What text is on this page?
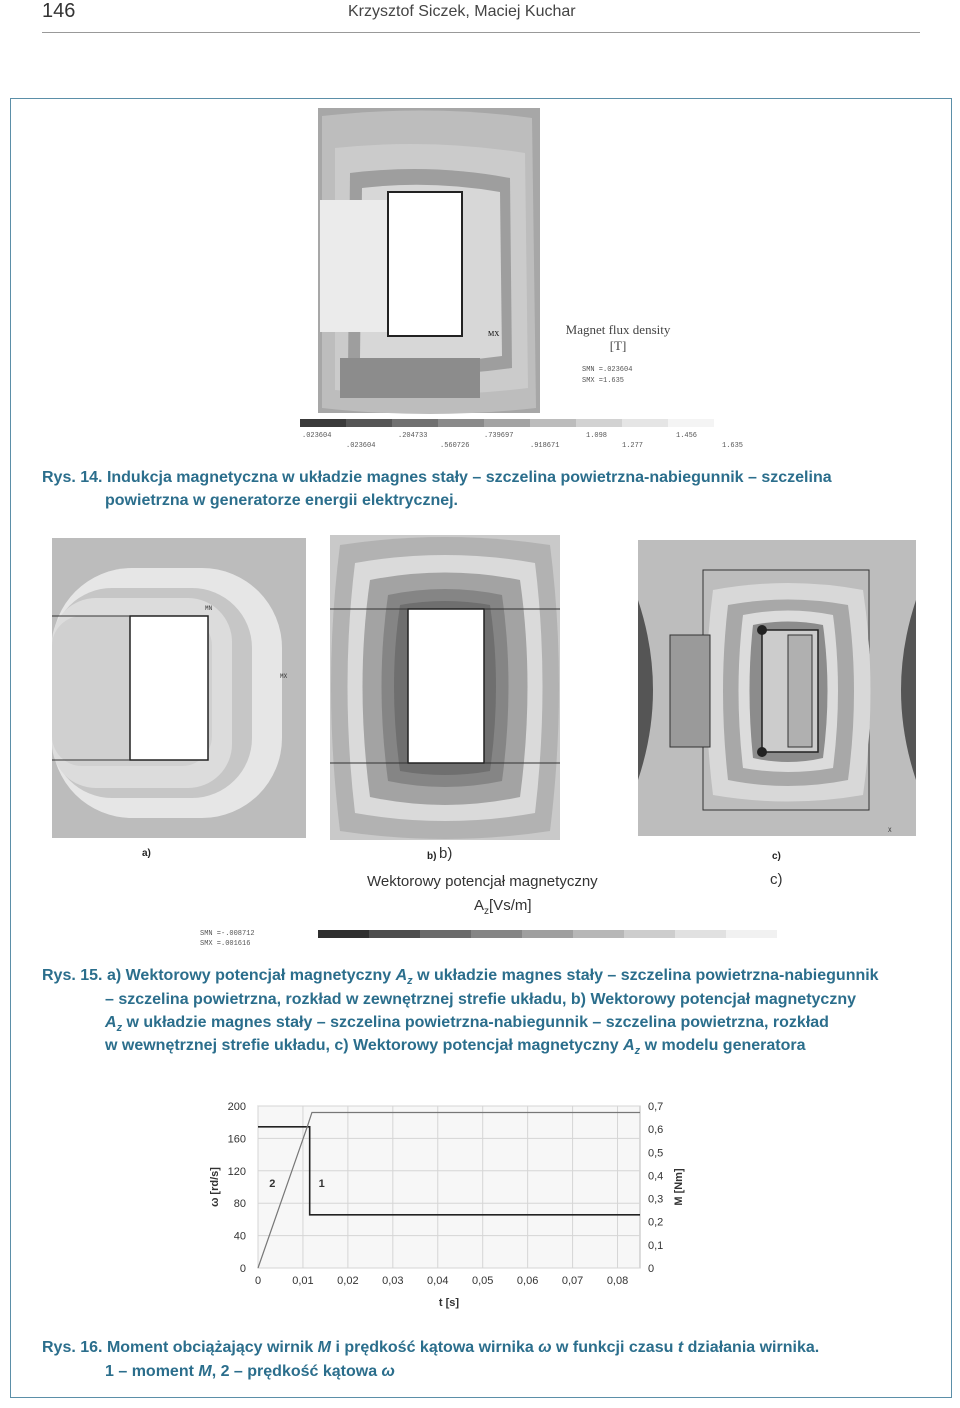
146	Krzysztof Siczek, Maciej Kuchar
MX	Magnet flux density
[T]
SMN =.023604
SMX =1.635
.023604	.204733	.739697	1.098	1.456
.023604	.560726	.918671	1.277	1.635
Rys. 14. Indukcja magnetyczna w układzie magnes stały – szczelina powietrzna-nabiegunnik – szczelina
powietrzna w generatorze energii elektrycznej.
MN
MX
X
a)	b) b)	c)
c)
Wektorowy potencjał magnetyczny
$A_z[Vs/m]$
SMN =-.008712
SMX =.001616
Rys. 15. a) Wektorowy potencjał magnetyczny $A_z$ w układzie magnes stały – szczelina powietrzna-nabiegunnik
– szczelina powietrzna, rozkład w zewnętrznej strefie układu, b) Wektorowy potencjał magnetyczny
$A_z$ w układzie magnes stały – szczelina powietrzna-nabiegunnik – szczelina powietrzna, rozkład
w wewnętrznej strefie układu, c) Wektorowy potencjał magnetyczny $A_z$ w modelu generatora
0	0,01 0,02 0,03 0,04 0,05 0,06 0,07 0,08
0
40
80
120
160
200
0
0,1
0,2
0,3
0,4
0,5
0,6
0,7
2	1
t [s]
ω [rd/s]	M [Nm]
Rys. 16. Moment obciążający wirnik M i prędkość kątowa wirnika ω w funkcji czasu t działania wirnika.
1 – moment M, 2 – prędkość kątowa ω
